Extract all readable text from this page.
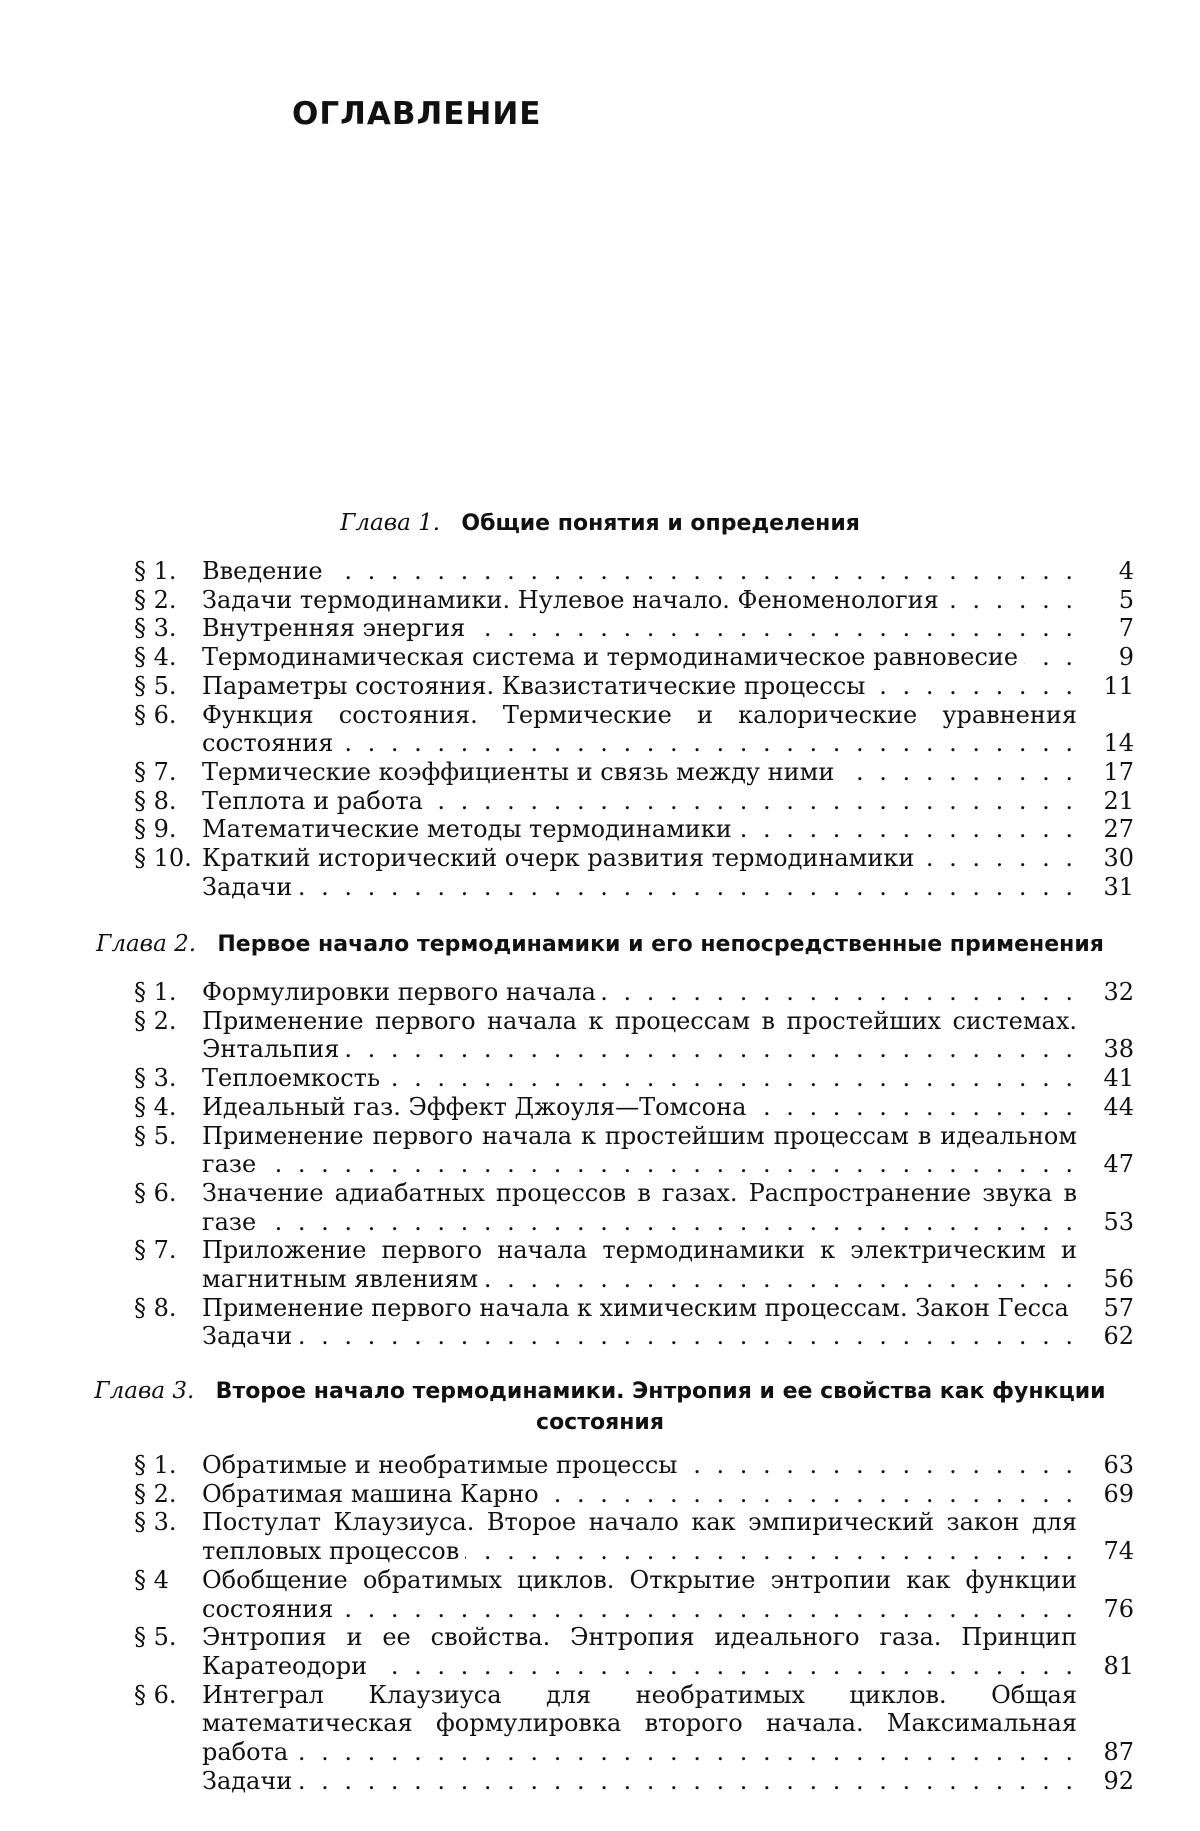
ОГЛАВЛЕНИЕ
Глава 1. Общие понятия и определения
§ 1.	Введение . . .	4
§ 2.	Задачи термодинамики. Нулевое начало. Феноменология . . .	5
§ 3.	Внутренняя энергия . . .	7
§ 4.	Термодинамическая система и термодинамическое равновесие . . .	9
§ 5.	Параметры состояния. Квазистатические процессы . . .	11
§ 6.	Функция состояния. Термические и калорические уравнения состояния . . .	14
§ 7.	Термические коэффициенты и связь между ними . . .	17
§ 8.	Теплота и работа . . .	21
§ 9.	Математические методы термодинамики . . .	27
§ 10. Краткий исторический очерк развития термодинамики . . .	30
Задачи . . .	31
Глава 2. Первое начало термодинамики и его непосредственные применения
§ 1.	Формулировки первого начала . . .	32
§ 2.	Применение первого начала к процессам в простейших системах. Энтальпия . . .	38
§ 3.	Теплоемкость . . .	41
§ 4.	Идеальный газ. Эффект Джоуля—Томсона . . .	44
§ 5.	Применение первого начала к простейшим процессам в идеальном газе . . .	47
§ 6.	Значение адиабатных процессов в газах. Распространение звука в газе . . .	53
§ 7.	Приложение первого начала термодинамики к электрическим и магнитным явлениям . . .	56
§ 8.	Применение первого начала к химическим процессам. Закон Гесса . . .	57
Задачи . . .	62
Глава 3. Второе начало термодинамики. Энтропия и ее свойства как функции состояния
§ 1.	Обратимые и необратимые процессы . . .	63
§ 2.	Обратимая машина Карно . . .	69
§ 3.	Постулат Клаузиуса. Второе начало как эмпирический закон для тепловых процессов . . .	74
§ 4	Обобщение обратимых циклов. Открытие энтропии как функции состояния . . .	76
§ 5.	Энтропия и ее свойства. Энтропия идеального газа. Принцип Каратеодори . . .	81
§ 6.	Интеграл Клаузиуса для необратимых циклов. Общая математическая формулировка второго начала. Максимальная работа . . .	87
Задачи . . .	92
